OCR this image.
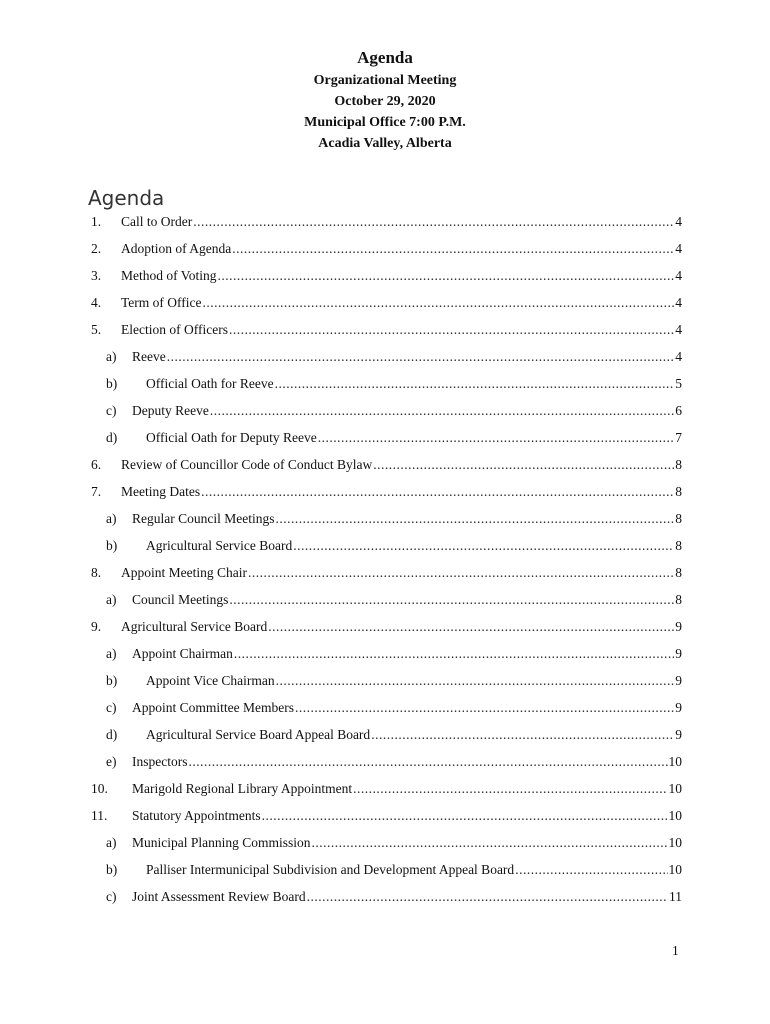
Agenda
Organizational Meeting
October 29, 2020
Municipal Office 7:00 P.M.
Acadia Valley, Alberta
Agenda
1. Call to Order .....	4
2. Adoption of Agenda .....	4
3. Method of Voting .....	4
4. Term of Office .....	4
5. Election of Officers .....	4
a) Reeve .....	4
b) Official Oath for Reeve .....	5
c) Deputy Reeve .....	6
d) Official Oath for Deputy Reeve .....	7
6. Review of Councillor Code of Conduct Bylaw .....	8
7. Meeting Dates .....	8
a) Regular Council Meetings .....	8
b) Agricultural Service Board .....	8
8. Appoint Meeting Chair .....	8
a) Council Meetings .....	8
9. Agricultural Service Board .....	9
a) Appoint Chairman .....	9
b) Appoint Vice Chairman .....	9
c) Appoint Committee Members .....	9
d) Agricultural Service Board Appeal Board .....	9
e) Inspectors .....	10
10. Marigold Regional Library Appointment .....	10
11. Statutory Appointments .....	10
a) Municipal Planning Commission .....	10
b) Palliser Intermunicipal Subdivision and Development Appeal Board .....	10
c) Joint Assessment Review Board .....	11
1
